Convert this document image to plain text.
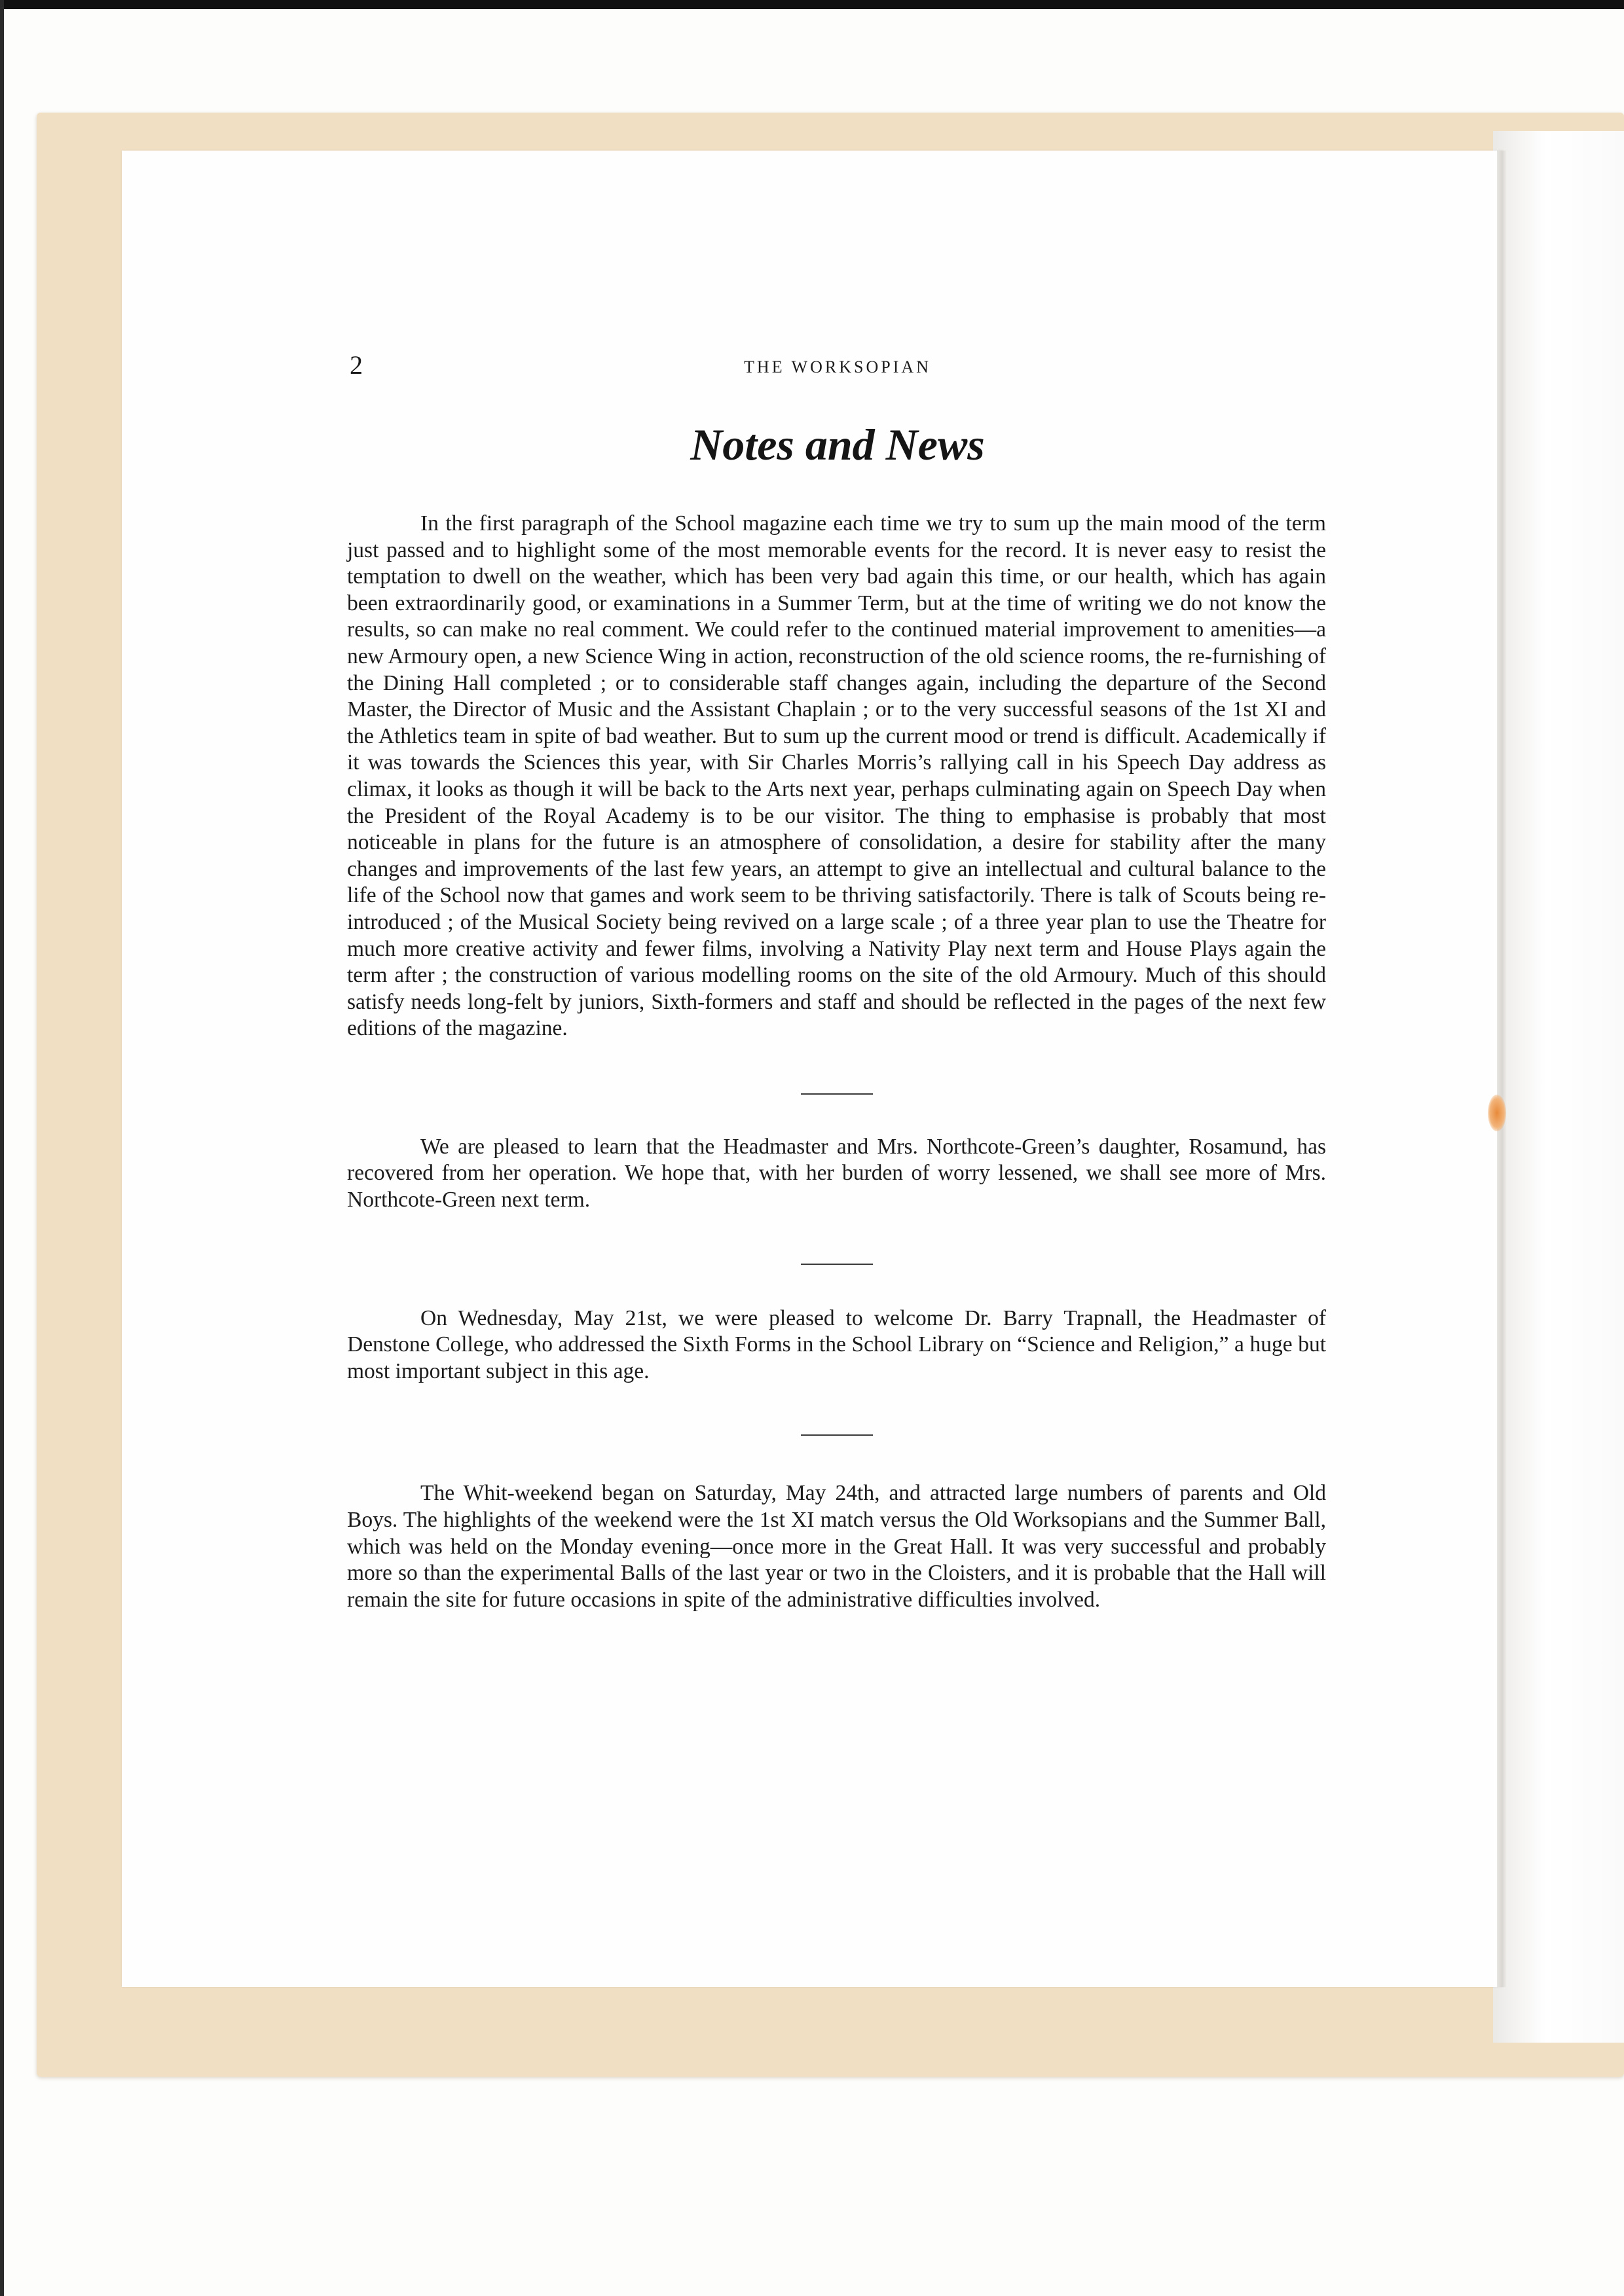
2	THE WORKSOPIAN
Notes and News

In the first paragraph of the School magazine each time we try to sum up the main mood of the term just passed and to highlight some of the most memorable events for the record. It is never easy to resist the temptation to dwell on the weather, which has been very bad again this time, or our health, which has again been extraordinarily good, or examinations in a Summer Term, but at the time of writing we do not know the results, so can make no real comment. We could refer to the continued material improvement to amenities—a new Armoury open, a new Science Wing in action, reconstruction of the old science rooms, the re-furnishing of the Dining Hall completed ; or to considerable staff changes again, including the departure of the Second Master, the Director of Music and the Assistant Chaplain ; or to the very successful seasons of the 1st XI and the Athletics team in spite of bad weather. But to sum up the current mood or trend is difficult. Academically if it was towards the Sciences this year, with Sir Charles Morris’s rallying call in his Speech Day address as climax, it looks as though it will be back to the Arts next year, perhaps culminating again on Speech Day when the President of the Royal Academy is to be our visitor. The thing to emphasise is probably that most noticeable in plans for the future is an atmosphere of consolidation, a desire for stability after the many changes and improvements of the last few years, an attempt to give an intellectual and cultural balance to the life of the School now that games and work seem to be thriving satisfactorily. There is talk of Scouts being re-introduced ; of the Musical Society being revived on a large scale ; of a three year plan to use the Theatre for much more creative activity and fewer films, involving a Nativity Play next term and House Plays again the term after ; the construction of various modelling rooms on the site of the old Armoury. Much of this should satisfy needs long-felt by juniors, Sixth-formers and staff and should be reflected in the pages of the next few editions of the magazine.

We are pleased to learn that the Headmaster and Mrs. Northcote-Green’s daughter, Rosamund, has recovered from her operation. We hope that, with her burden of worry lessened, we shall see more of Mrs. Northcote-Green next term.

On Wednesday, May 21st, we were pleased to welcome Dr. Barry Trapnall, the Headmaster of Denstone College, who addressed the Sixth Forms in the School Library on “Science and Religion,” a huge but most important subject in this age.

The Whit-weekend began on Saturday, May 24th, and attracted large numbers of parents and Old Boys. The highlights of the weekend were the 1st XI match versus the Old Worksopians and the Summer Ball, which was held on the Monday evening—once more in the Great Hall. It was very successful and probably more so than the experimental Balls of the last year or two in the Cloisters, and it is probable that the Hall will remain the site for future occasions in spite of the administrative difficulties involved.
